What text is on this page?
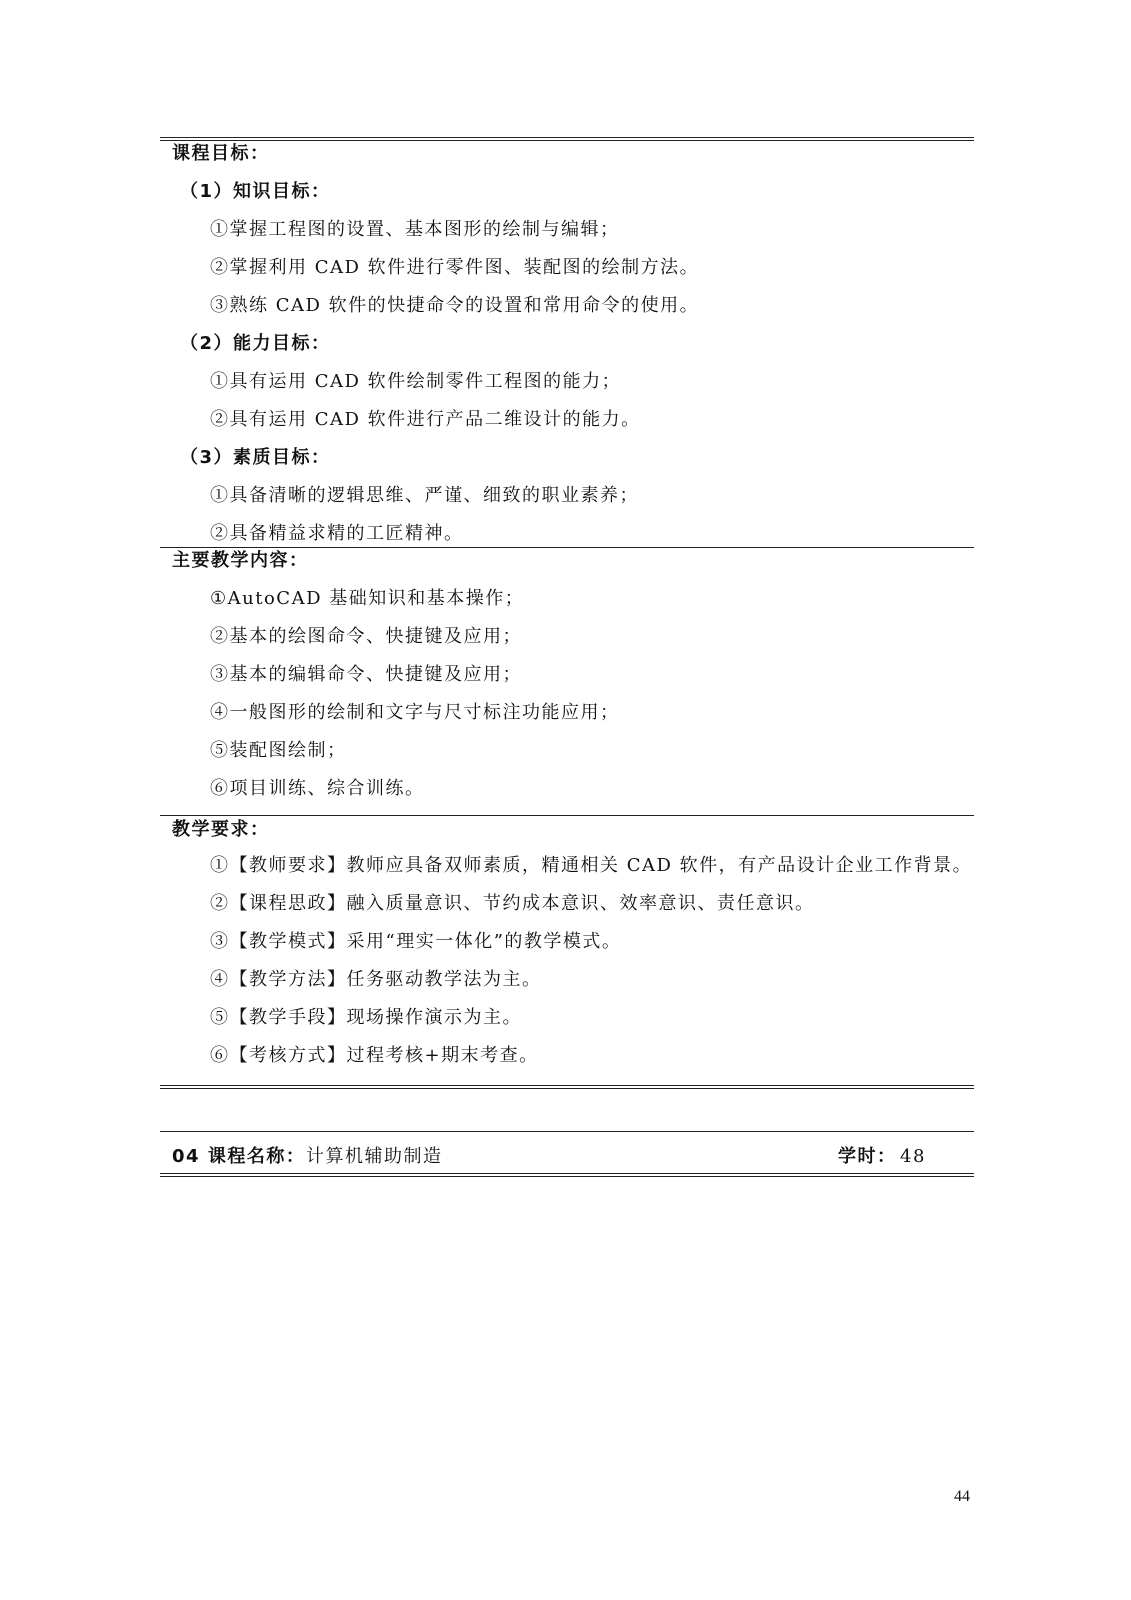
课程目标：
（1）知识目标：
①掌握工程图的设置、基本图形的绘制与编辑；
②掌握利用 CAD 软件进行零件图、装配图的绘制方法。
③熟练 CAD 软件的快捷命令的设置和常用命令的使用。
（2）能力目标：
①具有运用 CAD 软件绘制零件工程图的能力；
②具有运用 CAD 软件进行产品二维设计的能力。
（3）素质目标：
①具备清晰的逻辑思维、严谨、细致的职业素养；
②具备精益求精的工匠精神。
主要教学内容：
①AutoCAD 基础知识和基本操作；
②基本的绘图命令、快捷键及应用；
③基本的编辑命令、快捷键及应用；
④一般图形的绘制和文字与尺寸标注功能应用；
⑤装配图绘制；
⑥项目训练、综合训练。
教学要求：
①【教师要求】教师应具备双师素质，精通相关 CAD 软件，有产品设计企业工作背景。
②【课程思政】融入质量意识、节约成本意识、效率意识、责任意识。
③【教学模式】采用“理实一体化”的教学模式。
④【教学方法】任务驱动教学法为主。
⑤【教学手段】现场操作演示为主。
⑥【考核方式】过程考核+期末考查。
04 课程名称： 计算机辅助制造	学时： 48
44
